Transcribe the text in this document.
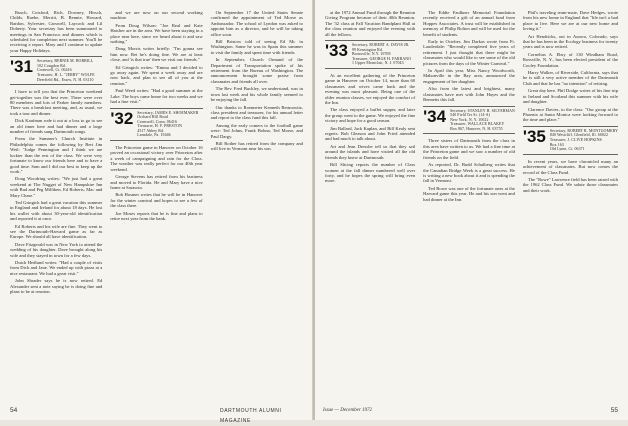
Rusch, Cotsford, Rich, Downey, Hirsch, Childs, Raebe, Merritt, B. Rennie, Howard, Bardon, Sylvester, Carswell, Laycock and Lil Doherty. Your secretary has been summoned to meetings in San Francisco and dinners which is scheduled for completion next summer. You'll be receiving a report. Mary and I continue to update your Happy Holidays.

'31 Secretary, BERNIE M. BORRILL
102 Congdon Rd.
Cromwell, Ct. 06416
Treasurer, H. L. "JERRY" WOLFE
Deerfield Rd., Essex, N. H. 03110

I have to tell you that the Princeton weekend get-together was the best ever. There were over 80 members and lots of Parker family members. There was a breakfast meeting, and, as usual, we took a tour and dinner.

Dick Kaufman rode it out at a loss to go to see an old timer here and had dinner and a large number of friends sang Dartmouth songs.

From the Summer's Church Institute in Philadelphia comes the following by Bert Jim Weil: "Judge Pennington and I think we are luckier than the rest of the class. We were very fortunate to know our friends here and to have a good time. Sam and I did our best to keep up the work."

Doug Woodring writes: "We just had a great weekend at The Nugget of New Hampshire Inn with Bud and Peg Milliken, Ed Roberts, Mac and Mary Chase."

Ted Gringich had a great vacation this summer in England and Ireland for about 18 days. He lost his wallet with about 30-year-old identification and reported it at once.

Ed Roberts and his wife are fine. They went to see the Dartmouth-Harvard game as far as Europe. We should all have identification.

Dave Fitzgerald was in New York to attend the wedding of his daughter. Dave brought along his wife and they stayed in town for a few days.

Dutch Hedlund writes: "Had a couple of visits from Dick and Jane. We ended up with pizza at a nice restaurant. We had a great visit."

John Shrader says he is now retired. Ed Alexander sent a note saying he is doing fine and plans to be at reunion.

and we are now on our second working machine.

From Doug Wilson: "Joe Real and Kate Hatcher are in the area. We have been staying in a place near here, since we heard about it and saw nothing."

Doug Morris writes briefly: "I'm gonna see him now. Bet he's doing fine. We are at least close, and 'is that true' then we visit our friends."

Ed Gringich writes: "Emma and I decided to go away again. We spent a week away and are now back, and plan to see all of you at the reunion."

Paul Weed writes: "Had a good summer at the Lake. The boys came home for two weeks and we had a fine visit."

'32 Secretary, JAMES E. SHOEMAKER
Orchard Hill Road
Cromwell, Conn. 06416
Treasurer, H. F. PRESTON
4517 Abbey Rd.
Lansdale, Pa. 19446

The Princeton game in Hanover on October 16 proved an occasional victory over Princeton after a week of campaigning and rain for the Class. The weather was really perfect for our 40th year weekend.

George Stevens has retired from his business and moved to Florida. He and Mary have a nice home at Sarasota.

Bob Hosmer writes that he will be in Hanover for the winter carnival and hopes to see a few of the class there.

Joe Moses reports that he is fine and plans to retire next year from the bank.

On September 17 the United States Senate confirmed the appointment of Ted Morse as Ambassador. The school of Lyndon was asked to appoint him as a director, and he will be taking office soon.

Bill Bristow told of seeing Ed Mc in Washington. Same he was in Spain this summer to visit the family and spent time with friends.

In September, Church Ormand of the Department of Transportation spoke of his retirement from the Bureau of Washington. The announcement brought some praise from classmates and friends all over.

The Rev. Fred Buckley, we understand, was in town last week and his whole family seemed to be enjoying the fall.

Our thanks to Roenneier Kenneth Bermowitz, class president and treasurer, for his annual letter and report to the class fund this fall.

Among the early comers to the football game were: Ted Johns, Frank Bohna, Ted Morse, and Paul Dargy.

Bill Rother has retired from the company and will live in Vermont near his son.

54	DARTMOUTH ALUMNI MAGAZINE

at the 1972 Annual Fund through the Reunion Giving Program because of their 40th Reunion. The '32 class at Fall Vacation Bandplant Hall at the class reunion and enjoyed the evening with all the fellows.

'33 Secretary, ROBERT A. DAVIS JR.
99 Kensington Rd.
Bronxville, N.Y. 10708
Treasurer, GEORGE H. FARRANO
1 Upper Montclair, N. J. 07043

At an excellent gathering of the Princeton game in Hanover on October 14, more than 60 classmates and wives came back and the evening was most pleasant. Being one of the older reunion classes, we enjoyed the comfort of the Inn.

The class enjoyed a buffet supper, and later the group went to the game. We enjoyed the fine victory and hope for a good season.

Jim Ballard, Jack Kaplan, and Bill Kealy sent regrets. Bob Gleason and John Fried attended and had much to talk about.

Art and Jean Dressler tell us that they sail around the islands and have visited all the old friends they knew at Dartmouth.

Bill Slicing reports the number of Class women at the fall dinner numbered well over forty, and he hopes the spring will bring even more.

The Eddie Faulkner Memorial Foundation recently received a gift of an annual fund from Hoppes Associates. A trust will be established in memory of Philip Bolton and will be used for the benefit of students.

Early in October, Jim Darkas wrote from Ft. Lauderdale: "Recently completed five years of retirement. I just thought that there might be classmates who would like to see some of the old pictures from the days of the Winter Carnival."

In April this year, Miss Nancy Woodworth, Mahonville in the Bay area, announced the engagement of her daughter.

Also from the latest and brightest, many classmates have met with John Hayes and the Bennetts this fall.

'34 Secretary, STANLEY H. SILVERMAN
540 Field Ter St. (14-A)
New York, N. Y. 10022
Treasurer, WALLACE BLAKEY
Box 867, Hanover, N. H. 03755

Three sisters of Dartmouth from the class in this area have written to us. We had a fine time at the Princeton game and we saw a number of old friends on the field.

As reported, Dr. Budd Schulberg writes that the Canadian Bridge Week is a great success. He is writing a new book about it and is spending the fall in Vermont.

Ted Bowe was one of the fortunate ones at the Harvard game this year. He and his son went and had dinner at the Inn.

Phil's traveling team-mate, Dave Hedges, wrote from his new home in England that "life isn't a bad place to live. Here we are at our new home and loving it."

Art Hendricks, out in Aurora, Colorado, says that he has been in the Ecology business for twenty years and is now retired.

Cornelius A. Ebsy of 130 Windham Road, Rossville, N. Y., has been elected president of the Cooley Foundation.

Harry Walker, of Riverside, California, says that he is still a very active member of the Dartmouth Club and that he has "no intention" of retiring.

Great day here. Phil Dodge writes of his fine trip to Ireland and Scotland this summer with his wife and daughter.

Clarence Davies, to the class: "Our group at the Phoenix at Santa Monica were looking forward to the time and place."

'35 Secretary, ROBERT R. MONTGOMERY
840 Westcliff, Glenfield, Ill. 60022
Treasurer, J. CLIVE HOPKINS
Box 163
Old Lyme, Ct. 06371

In recent years, we have chronicled many an achievement of classmates. But now comes the record of the Class Fund.

The "Rowe" Lawrence field has been raised with the 1962 Class Fund. We salute those classmates and their work.

Issue — December 1972	55
